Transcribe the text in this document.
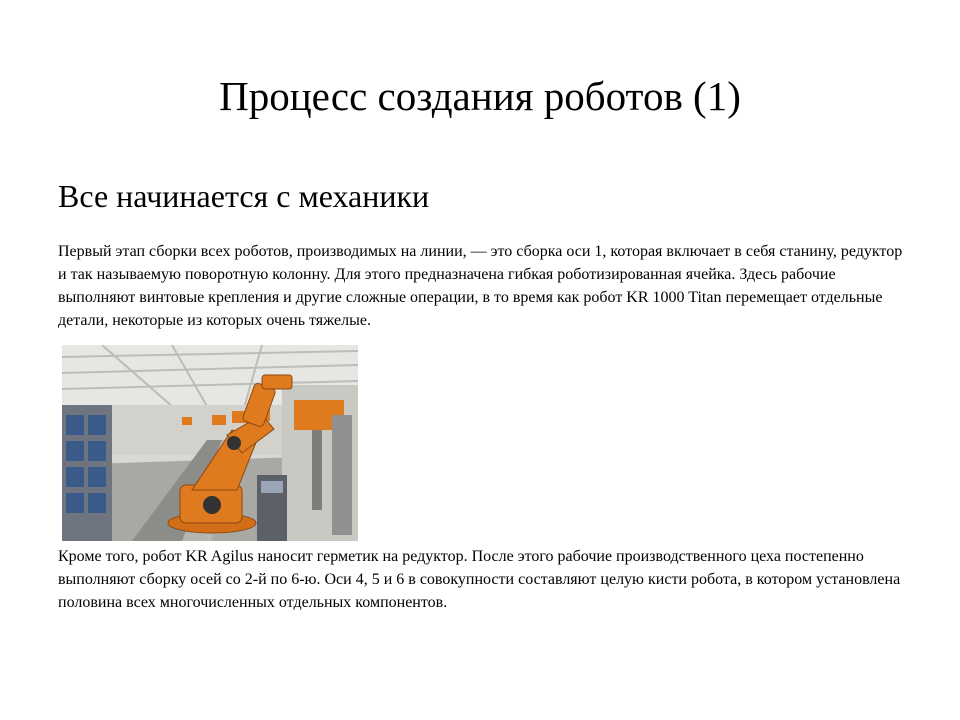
Процесс создания роботов (1)
Все начинается с механики

Первый этап сборки всех роботов, производимых на линии, — это сборка оси 1, которая включает в себя станину, редуктор и так называемую поворотную колонну. Для этого предназначена гибкая роботизированная ячейка. Здесь рабочие выполняют винтовые крепления и другие сложные операции, в то время как робот KR 1000 Titan перемещает отдельные детали, некоторые из которых очень тяжелые.

Кроме того, робот KR Agilus наносит герметик на редуктор. После этого рабочие производственного цеха постепенно выполняют сборку осей со 2-й по 6-ю. Оси 4, 5 и 6 в совокупности составляют целую кисти робота, в котором установлена половина всех многочисленных отдельных компонентов.
